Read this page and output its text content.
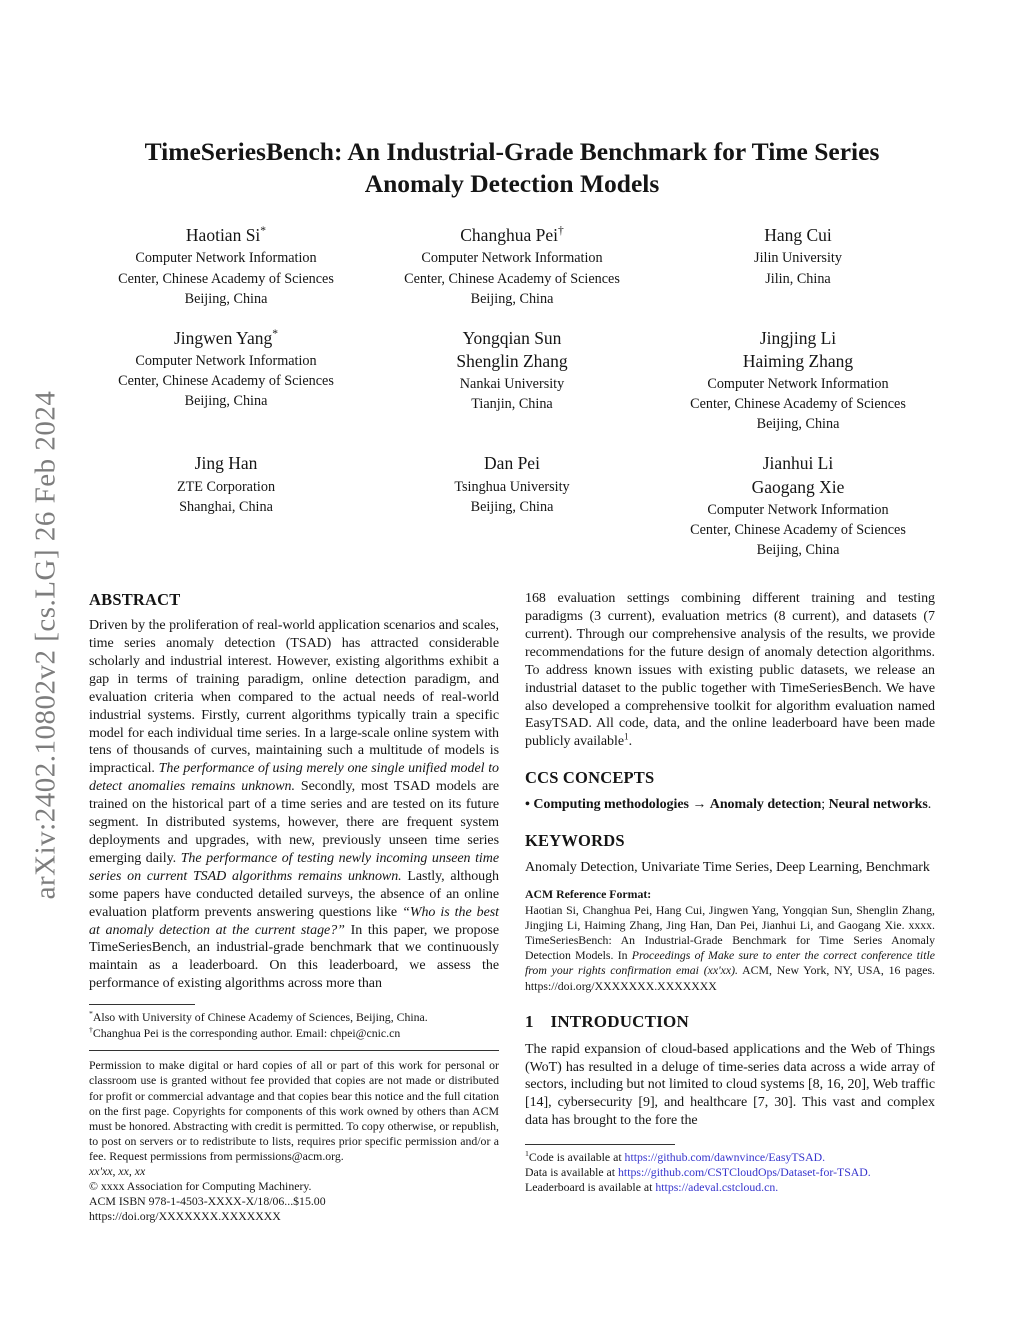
arXiv:2402.10802v2 [cs.LG] 26 Feb 2024
TimeSeriesBench: An Industrial-Grade Benchmark for Time Series Anomaly Detection Models
Haotian Si*
Computer Network Information
Center, Chinese Academy of Sciences
Beijing, China
Changhua Pei†
Computer Network Information
Center, Chinese Academy of Sciences
Beijing, China
Hang Cui
Jilin University
Jilin, China
Jingwen Yang*
Computer Network Information
Center, Chinese Academy of Sciences
Beijing, China
Yongqian Sun
Shenglin Zhang
Nankai University
Tianjin, China
Jingjing Li
Haiming Zhang
Computer Network Information
Center, Chinese Academy of Sciences
Beijing, China
Jing Han
ZTE Corporation
Shanghai, China
Dan Pei
Tsinghua University
Beijing, China
Jianhui Li
Gaogang Xie
Computer Network Information
Center, Chinese Academy of Sciences
Beijing, China
ABSTRACT

Driven by the proliferation of real-world application scenarios and scales, time series anomaly detection (TSAD) has attracted considerable scholarly and industrial interest. However, existing algorithms exhibit a gap in terms of training paradigm, online detection paradigm, and evaluation criteria when compared to the actual needs of real-world industrial systems. Firstly, current algorithms typically train a specific model for each individual time series. In a large-scale online system with tens of thousands of curves, maintaining such a multitude of models is impractical. The performance of using merely one single unified model to detect anomalies remains unknown. Secondly, most TSAD models are trained on the historical part of a time series and are tested on its future segment. In distributed systems, however, there are frequent system deployments and upgrades, with new, previously unseen time series emerging daily. The performance of testing newly incoming unseen time series on current TSAD algorithms remains unknown. Lastly, although some papers have conducted detailed surveys, the absence of an online evaluation platform prevents answering questions like “Who is the best at anomaly detection at the current stage?” In this paper, we propose TimeSeriesBench, an industrial-grade benchmark that we continuously maintain as a leaderboard. On this leaderboard, we assess the performance of existing algorithms across more than

*Also with University of Chinese Academy of Sciences, Beijing, China.
†Changhua Pei is the corresponding author. Email: chpei@cnic.cn

Permission to make digital or hard copies of all or part of this work for personal or classroom use is granted without fee provided that copies are not made or distributed for profit or commercial advantage and that copies bear this notice and the full citation on the first page. Copyrights for components of this work owned by others than ACM must be honored. Abstracting with credit is permitted. To copy otherwise, or republish, to post on servers or to redistribute to lists, requires prior specific permission and/or a fee. Request permissions from permissions@acm.org.

xx'xx, xx, xx
© xxxx Association for Computing Machinery.
ACM ISBN 978-1-4503-XXXX-X/18/06...$15.00
https://doi.org/XXXXXXX.XXXXXXX

168 evaluation settings combining different training and testing paradigms (3 current), evaluation metrics (8 current), and datasets (7 current). Through our comprehensive analysis of the results, we provide recommendations for the future design of anomaly detection algorithms. To address known issues with existing public datasets, we release an industrial dataset to the public together with TimeSeriesBench. We have also developed a comprehensive toolkit for algorithm evaluation named EasyTSAD. All code, data, and the online leaderboard have been made publicly available$^1$.

CCS CONCEPTS

• Computing methodologies → Anomaly detection; Neural networks.

KEYWORDS

Anomaly Detection, Univariate Time Series, Deep Learning, Benchmark

ACM Reference Format:

Haotian Si, Changhua Pei, Hang Cui, Jingwen Yang, Yongqian Sun, Shenglin Zhang, Jingjing Li, Haiming Zhang, Jing Han, Dan Pei, Jianhui Li, and Gaogang Xie. xxxx. TimeSeriesBench: An Industrial-Grade Benchmark for Time Series Anomaly Detection Models. In Proceedings of Make sure to enter the correct conference title from your rights confirmation emai (xx'xx). ACM, New York, NY, USA, 16 pages. https://doi.org/XXXXXXX.XXXXXXX

1 INTRODUCTION

The rapid expansion of cloud-based applications and the Web of Things (WoT) has resulted in a deluge of time-series data across a wide array of sectors, including but not limited to cloud systems [8, 16, 20], Web traffic [14], cybersecurity [9], and healthcare [7, 30]. This vast and complex data has brought to the fore the

$^1$Code is available at https://github.com/dawnvince/EasyTSAD.
Data is available at https://github.com/CSTCloudOps/Dataset-for-TSAD.
Leaderboard is available at https://adeval.cstcloud.cn.
